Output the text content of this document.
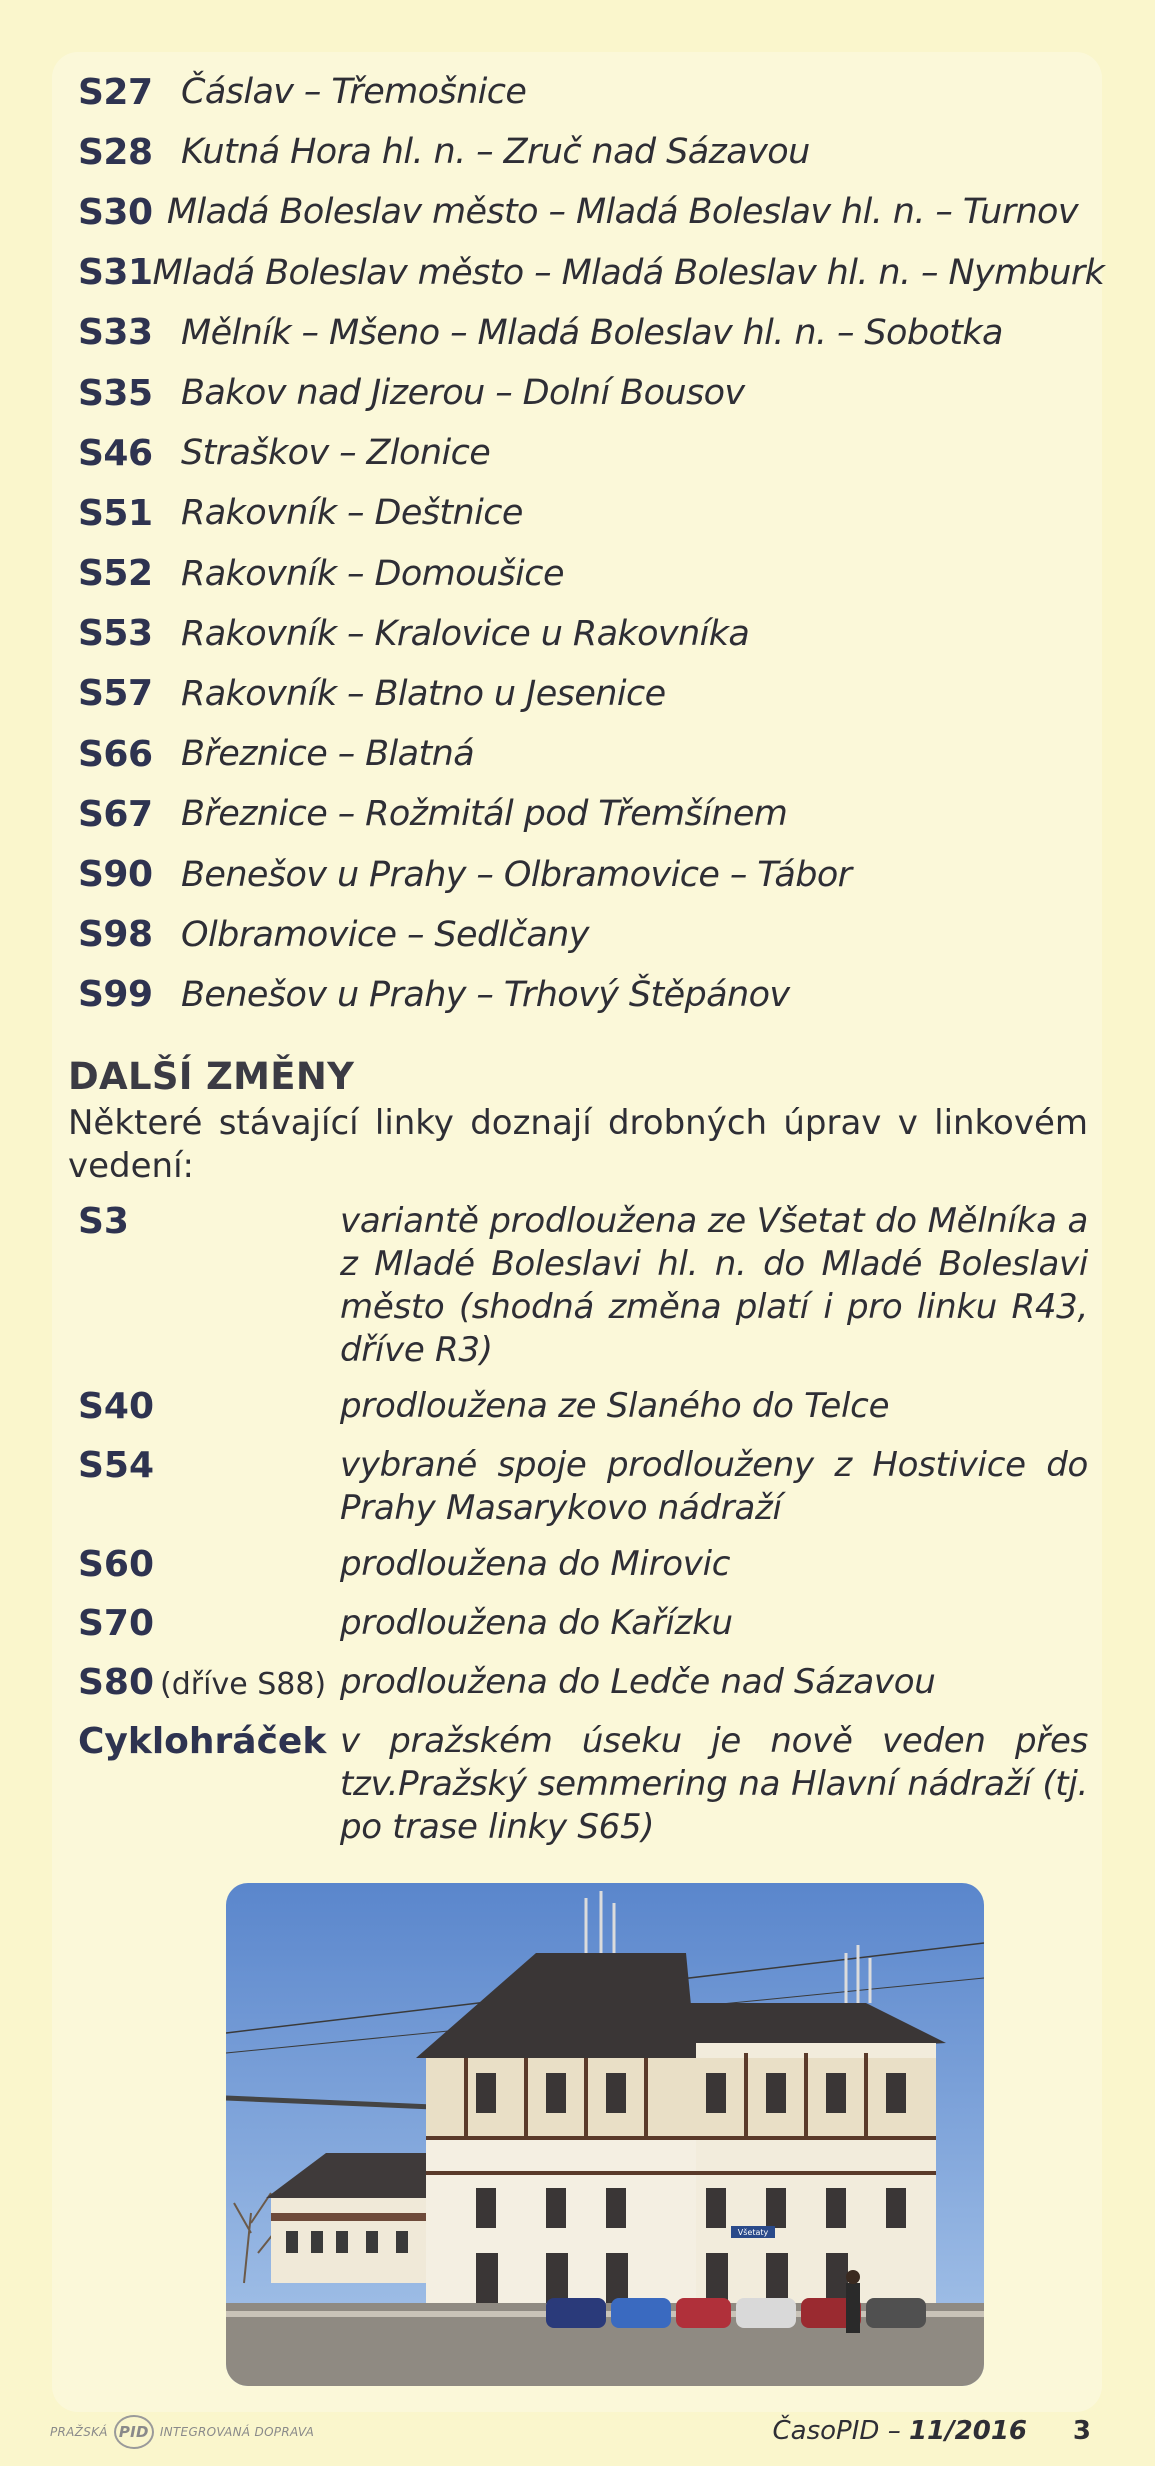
S27 Čáslav – Třemošnice
S28 Kutná Hora hl. n. – Zruč nad Sázavou
S30 Mladá Boleslav město – Mladá Boleslav hl. n. – Turnov
S31 Mladá Boleslav město – Mladá Boleslav hl. n. – Nymburk
S33 Mělník – Mšeno – Mladá Boleslav hl. n. – Sobotka
S35 Bakov nad Jizerou – Dolní Bousov
S46 Straškov – Zlonice
S51 Rakovník – Deštnice
S52 Rakovník – Domoušice
S53 Rakovník – Kralovice u Rakovníka
S57 Rakovník – Blatno u Jesenice
S66 Březnice – Blatná
S67 Březnice – Rožmitál pod Třemšínem
S90 Benešov u Prahy – Olbramovice – Tábor
S98 Olbramovice – Sedlčany
S99 Benešov u Prahy – Trhový Štěpánov
DALŠÍ ZMĚNY
Některé stávající linky doznají drobných úprav v linkovém vedení:
S3	variantě prodloužena ze Všetat do Mělníka a z Mladé Boleslavi hl. n. do Mladé Boleslavi město (shodná změna platí i pro linku R43, dříve R3)
S40	prodloužena ze Slaného do Telce
S54	vybrané spoje prodlouženy z Hostivice do Prahy Masarykovo nádraží
S60	prodloužena do Mirovic
S70	prodloužena do Kařízku
S80 (dříve S88) prodloužena do Ledče nad Sázavou
Cyklohráček v pražském úseku je nově veden přes tzv.Pražský semmering na Hlavní nádraží (tj. po trase linky S65)
Všetaty
PRAŽSKÁ PID INTEGROVANÁ DOPRAVA	ČasoPID – 11/2016 3
